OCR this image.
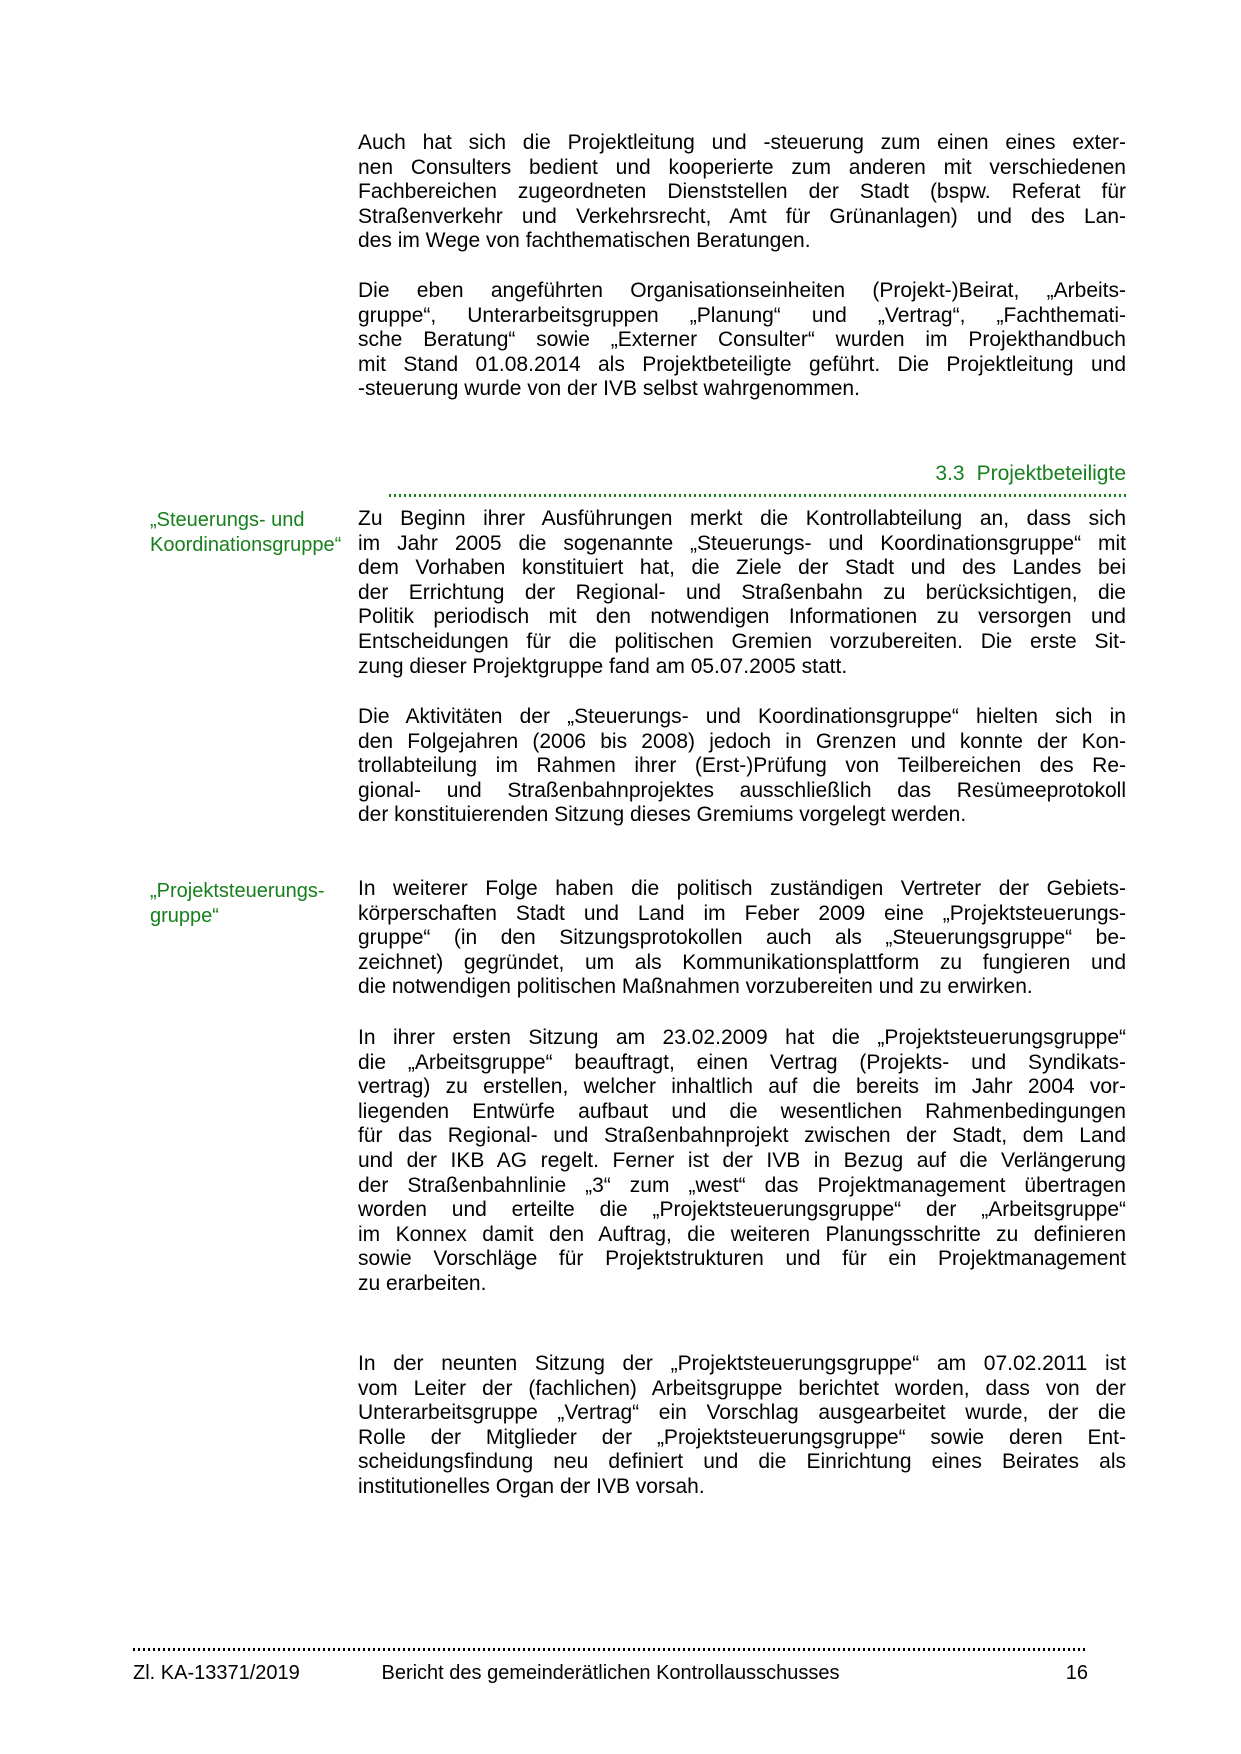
Auch hat sich die Projektleitung und -steuerung zum einen eines exter-
nen Consulters bedient und kooperierte zum anderen mit verschiedenen
Fachbereichen zugeordneten Dienststellen der Stadt (bspw. Referat für
Straßenverkehr und Verkehrsrecht, Amt für Grünanlagen) und des Lan-
des im Wege von fachthematischen Beratungen.
Die eben angeführten Organisationseinheiten (Projekt-)Beirat, „Arbeits-
gruppe“, Unterarbeitsgruppen „Planung“ und „Vertrag“, „Fachthemati-
sche Beratung“ sowie „Externer Consulter“ wurden im Projekthandbuch
mit Stand 01.08.2014 als Projektbeteiligte geführt. Die Projektleitung und
-steuerung wurde von der IVB selbst wahrgenommen.
3.3 Projektbeteiligte
„Steuerungs- und
Koordinationsgruppe“
Zu Beginn ihrer Ausführungen merkt die Kontrollabteilung an, dass sich
im Jahr 2005 die sogenannte „Steuerungs- und Koordinationsgruppe“ mit
dem Vorhaben konstituiert hat, die Ziele der Stadt und des Landes bei
der Errichtung der Regional- und Straßenbahn zu berücksichtigen, die
Politik periodisch mit den notwendigen Informationen zu versorgen und
Entscheidungen für die politischen Gremien vorzubereiten. Die erste Sit-
zung dieser Projektgruppe fand am 05.07.2005 statt.
Die Aktivitäten der „Steuerungs- und Koordinationsgruppe“ hielten sich in
den Folgejahren (2006 bis 2008) jedoch in Grenzen und konnte der Kon-
trollabteilung im Rahmen ihrer (Erst-)Prüfung von Teilbereichen des Re-
gional- und Straßenbahnprojektes ausschließlich das Resümeeprotokoll
der konstituierenden Sitzung dieses Gremiums vorgelegt werden.
„Projektsteuerungs-
gruppe“
In weiterer Folge haben die politisch zuständigen Vertreter der Gebiets-
körperschaften Stadt und Land im Feber 2009 eine „Projektsteuerungs-
gruppe“ (in den Sitzungsprotokollen auch als „Steuerungsgruppe“ be-
zeichnet) gegründet, um als Kommunikationsplattform zu fungieren und
die notwendigen politischen Maßnahmen vorzubereiten und zu erwirken.
In ihrer ersten Sitzung am 23.02.2009 hat die „Projektsteuerungsgruppe“
die „Arbeitsgruppe“ beauftragt, einen Vertrag (Projekts- und Syndikats-
vertrag) zu erstellen, welcher inhaltlich auf die bereits im Jahr 2004 vor-
liegenden Entwürfe aufbaut und die wesentlichen Rahmenbedingungen
für das Regional- und Straßenbahnprojekt zwischen der Stadt, dem Land
und der IKB AG regelt. Ferner ist der IVB in Bezug auf die Verlängerung
der Straßenbahnlinie „3“ zum „west“ das Projektmanagement übertragen
worden und erteilte die „Projektsteuerungsgruppe“ der „Arbeitsgruppe“
im Konnex damit den Auftrag, die weiteren Planungsschritte zu definieren
sowie Vorschläge für Projektstrukturen und für ein Projektmanagement
zu erarbeiten.
In der neunten Sitzung der „Projektsteuerungsgruppe“ am 07.02.2011 ist
vom Leiter der (fachlichen) Arbeitsgruppe berichtet worden, dass von der
Unterarbeitsgruppe „Vertrag“ ein Vorschlag ausgearbeitet wurde, der die
Rolle der Mitglieder der „Projektsteuerungsgruppe“ sowie deren Ent-
scheidungsfindung neu definiert und die Einrichtung eines Beirates als
institutionelles Organ der IVB vorsah.
Zl. KA-13371/2019	Bericht des gemeinderätlichen Kontrollausschusses	16
